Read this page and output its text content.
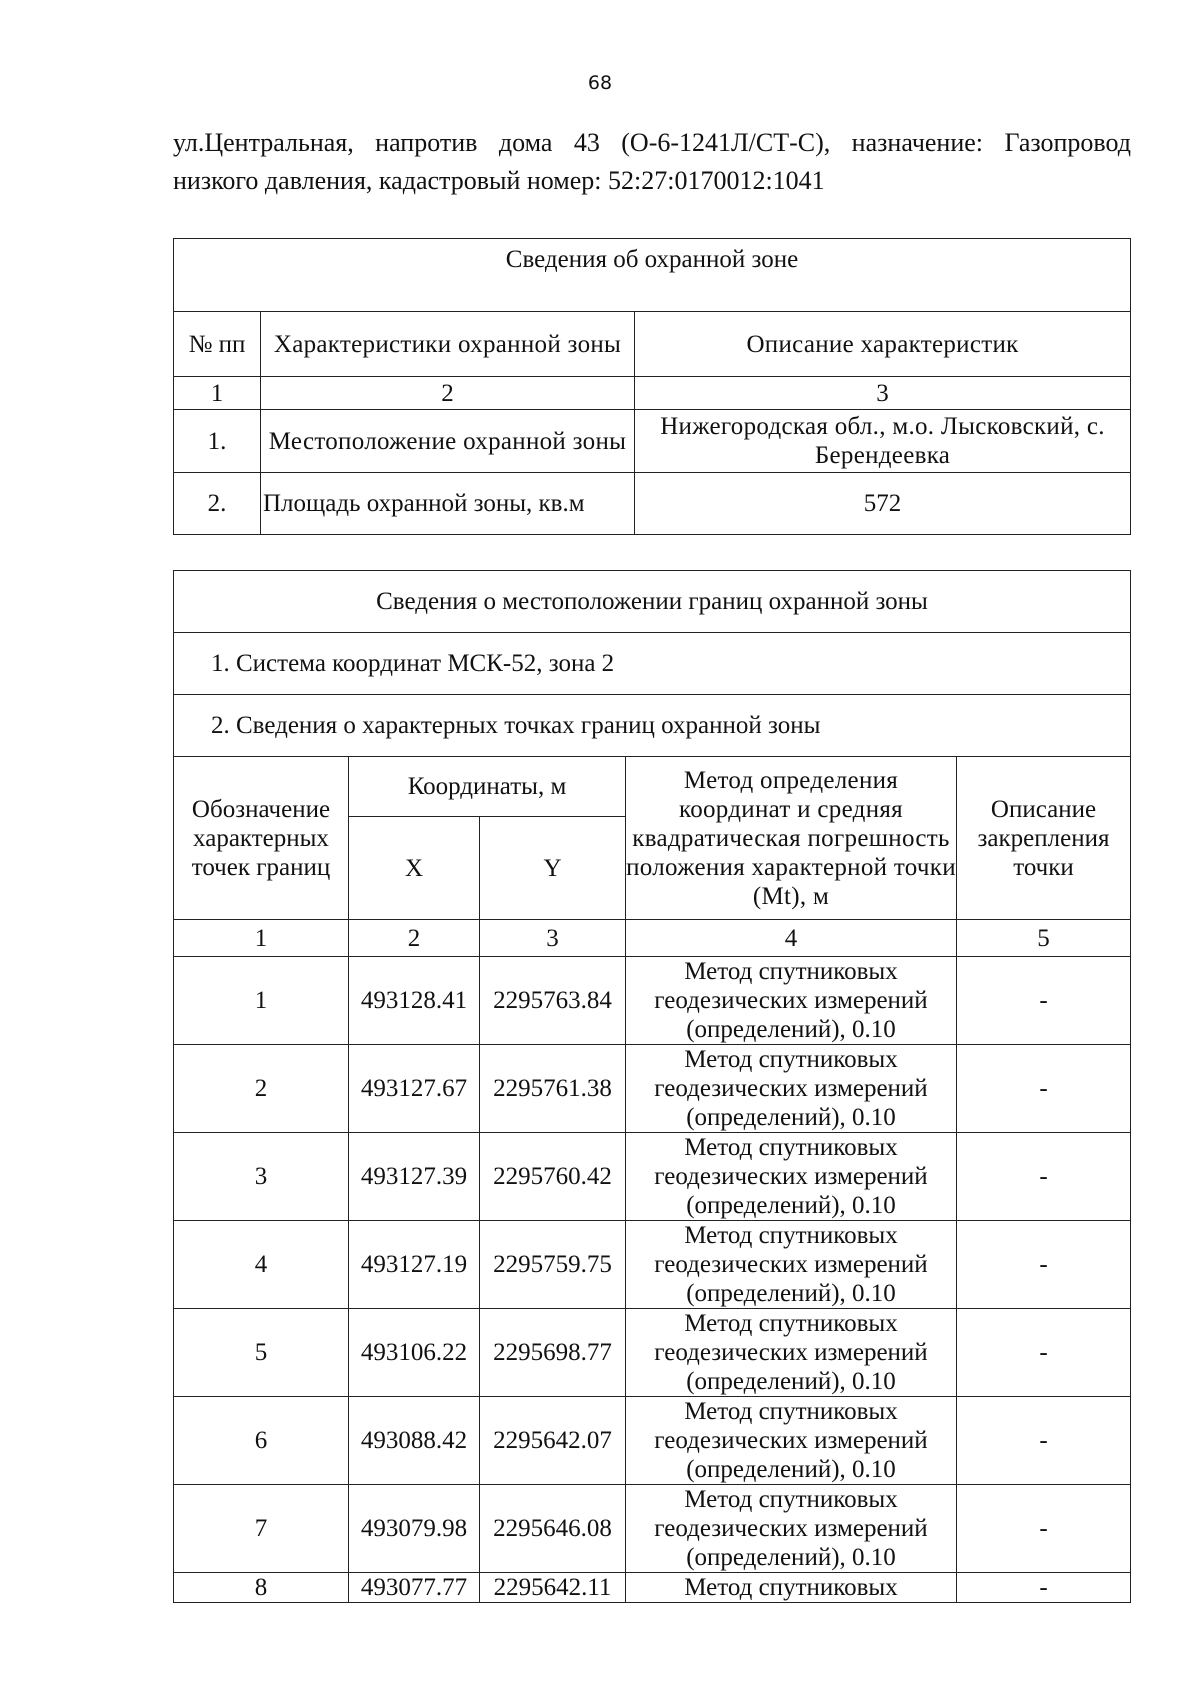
68
ул.Центральная, напротив дома 43 (О-6-1241Л/СТ-С), назначение: Газопровод низкого давления, кадастровый номер: 52:27:0170012:1041
Сведения об охранной зоне		
№ пп	Характеристики охранной зоны	Описание характеристик
1	2	3
1.	Местоположение охранной зоны	Нижегородская обл., м.о. Лысковский, с. Берендеевка
2.	Площадь охранной зоны, кв.м	572
Сведения о местоположении границ охранной зоны				
1. Система координат МСК-52, зона 2				
2. Сведения о характерных точках границ охранной зоны				
Обозначение характерных точек границ	Координаты, м		Метод определения координат и средняя квадратическая погрешность положения характерной точки (Mt), м	Описание закрепления точки
	X	Y		
1	2	3	4	5
1	493128.41	2295763.84	Метод спутниковых геодезических измерений (определений), 0.10	-
2	493127.67	2295761.38	Метод спутниковых геодезических измерений (определений), 0.10	-
3	493127.39	2295760.42	Метод спутниковых геодезических измерений (определений), 0.10	-
4	493127.19	2295759.75	Метод спутниковых геодезических измерений (определений), 0.10	-
5	493106.22	2295698.77	Метод спутниковых геодезических измерений (определений), 0.10	-
6	493088.42	2295642.07	Метод спутниковых геодезических измерений (определений), 0.10	-
7	493079.98	2295646.08	Метод спутниковых геодезических измерений (определений), 0.10	-
8	493077.77	2295642.11	Метод спутниковых	-
